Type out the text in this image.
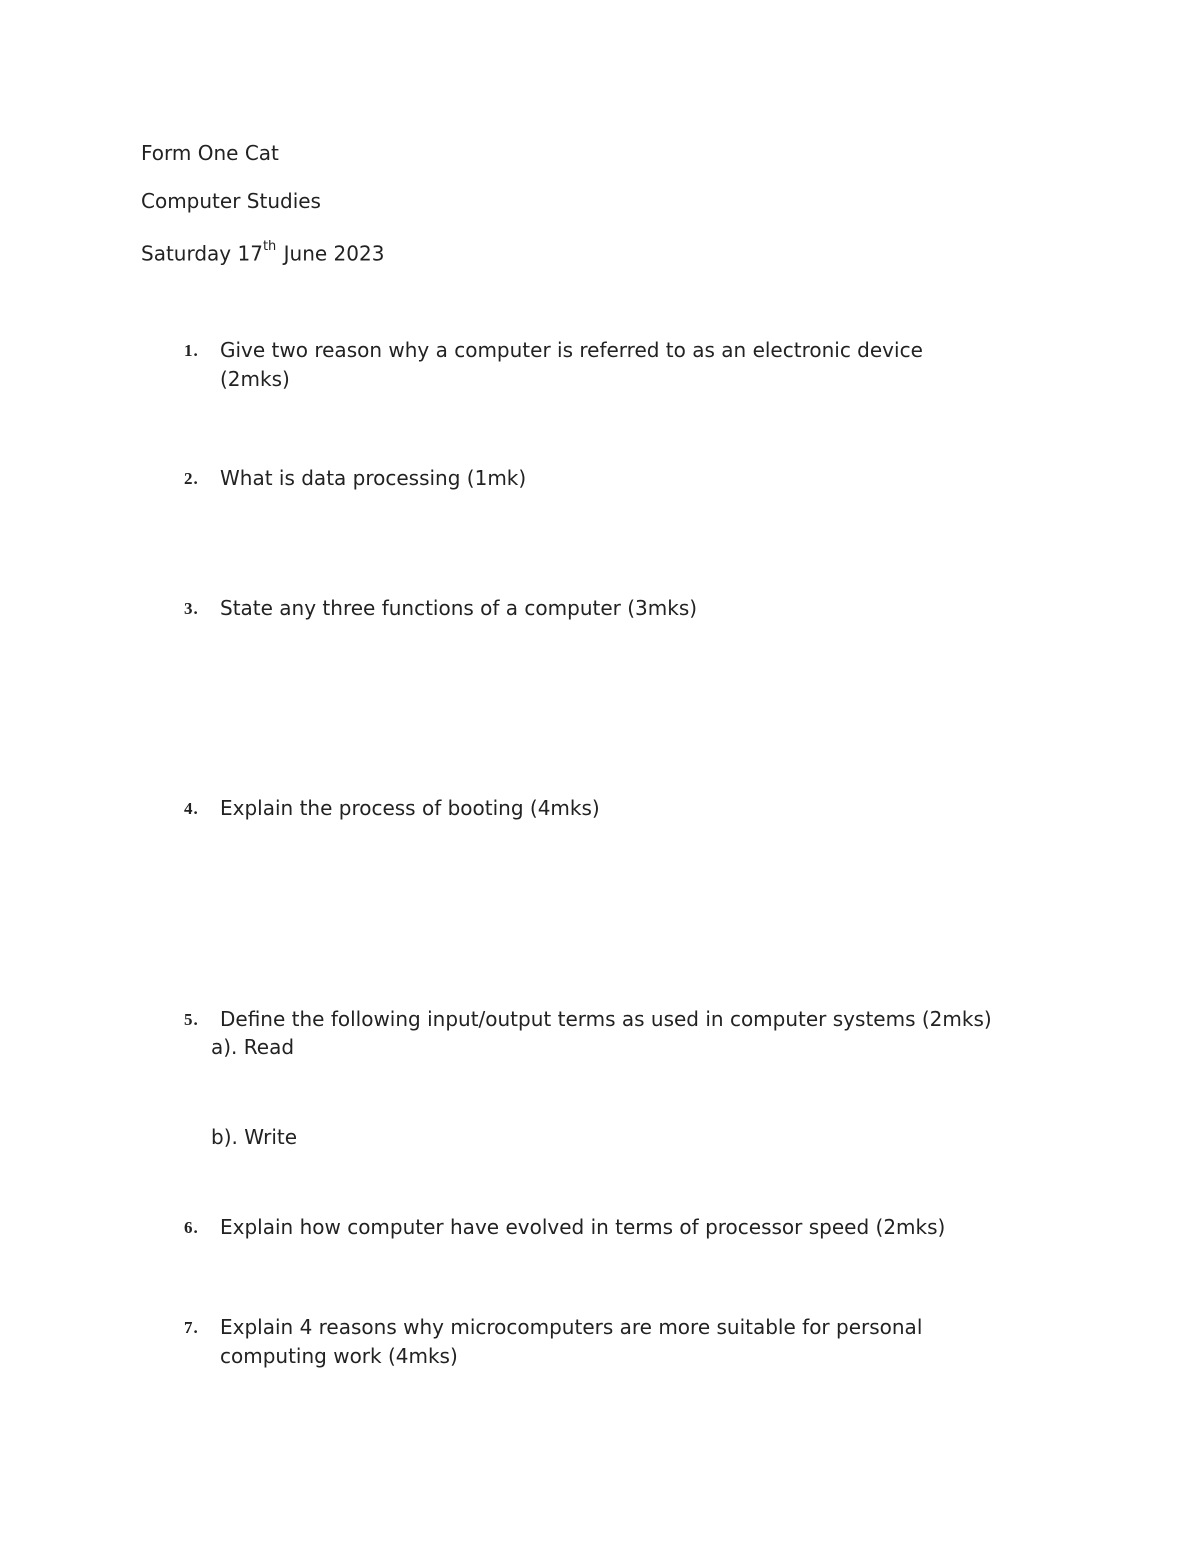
Form One Cat
Computer Studies
Saturday 17th June 2023
1.	Give two reason why a computer is referred to as an electronic device
(2mks)
2.	What is data processing (1mk)
3.	State any three functions of a computer (3mks)
4.	Explain the process of booting (4mks)
5.	Define the following input/output terms as used in computer systems (2mks)
a). Read
b). Write
6.	Explain how computer have evolved in terms of processor speed (2mks)
7.	Explain 4 reasons why microcomputers are more suitable for personal
computing work (4mks)
